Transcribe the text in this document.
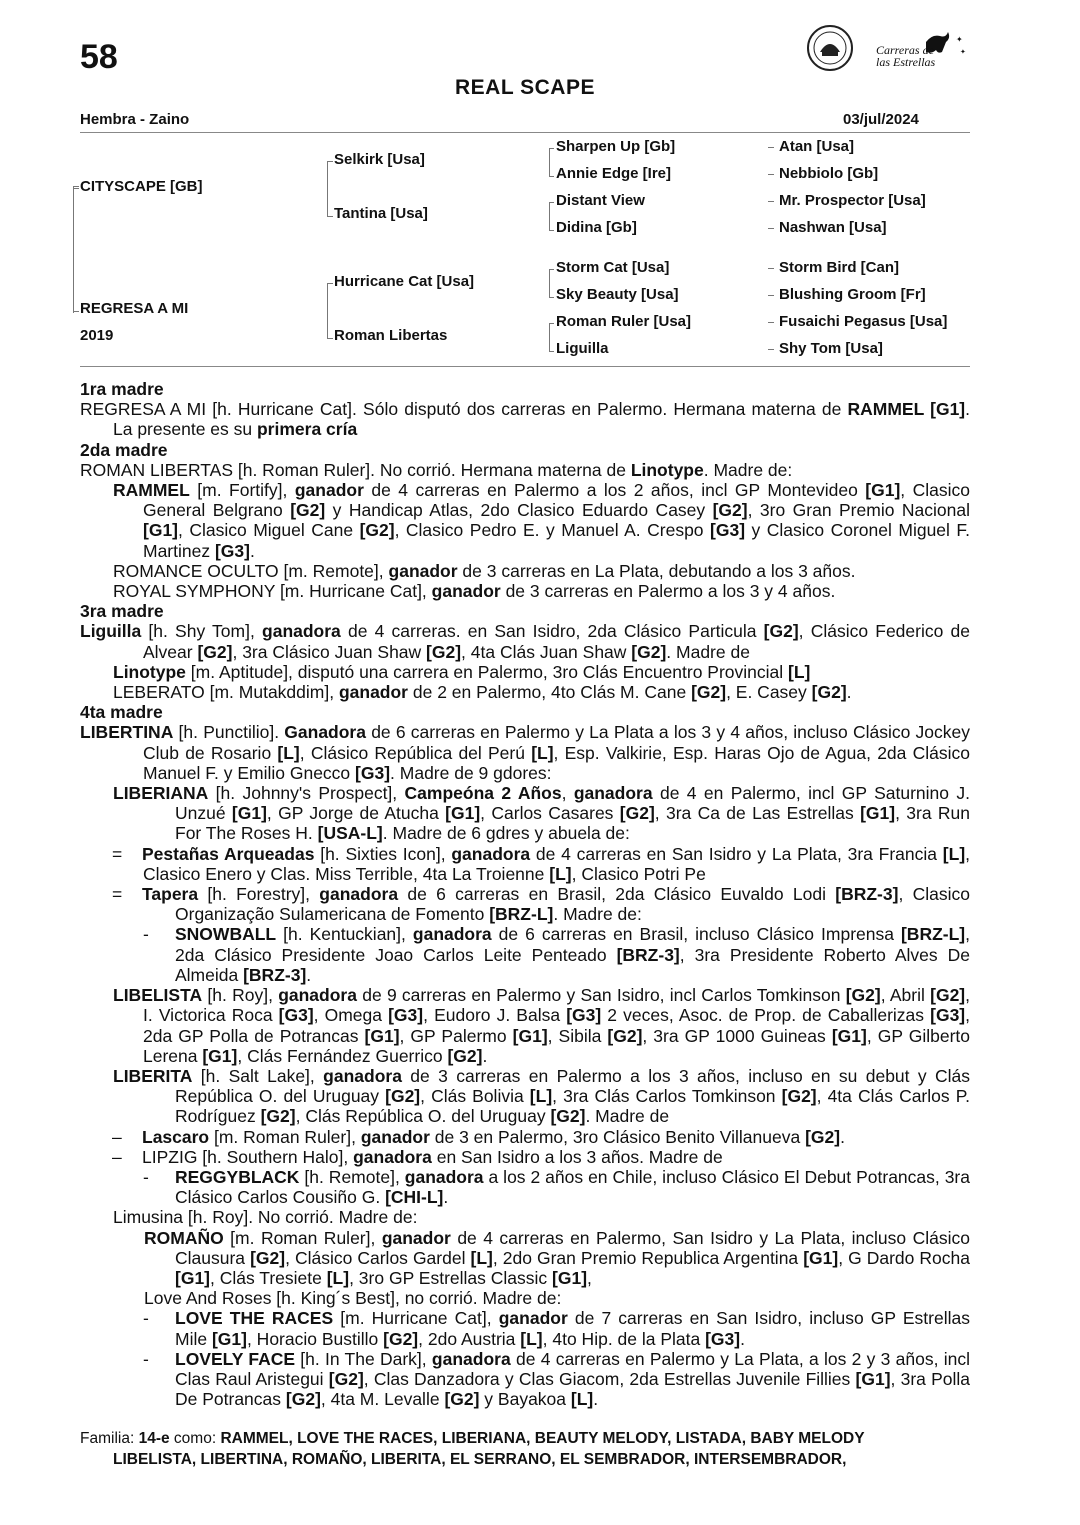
58	✦
✦
Carreras de las Estrellas
REAL SCAPE
Hembra - Zaino	03/jul/2024
CITYSCAPE [GB]
REGRESA A MI
2019
Selkirk [Usa]
Tantina [Usa]
Hurricane Cat [Usa]
Roman Libertas
Sharpen Up [Gb]
Annie Edge [Ire]
Distant View
Didina [Gb]
Storm Cat [Usa]
Sky Beauty [Usa]
Roman Ruler [Usa]
Liguilla
Atan [Usa]
Nebbiolo [Gb]
Mr. Prospector [Usa]
Nashwan [Usa]
Storm Bird [Can]
Blushing Groom [Fr]
Fusaichi Pegasus [Usa]
Shy Tom [Usa]

1ra madre

REGRESA A MI [h. Hurricane Cat]. Sólo disputó dos carreras en Palermo. Hermana materna de RAMMEL [G1]. La presente es su primera cría

2da madre

ROMAN LIBERTAS [h. Roman Ruler]. No corrió. Hermana materna de Linotype. Madre de:

RAMMEL [m. Fortify], ganador de 4 carreras en Palermo a los 2 años, incl GP Montevideo [G1], Clasico General Belgrano [G2] y Handicap Atlas, 2do Clasico Eduardo Casey [G2], 3ro Gran Premio Nacional [G1], Clasico Miguel Cane [G2], Clasico Pedro E. y Manuel A. Crespo [G3] y Clasico Coronel Miguel F. Martinez [G3].

ROMANCE OCULTO [m. Remote], ganador de 3 carreras en La Plata, debutando a los 3 años.

ROYAL SYMPHONY [m. Hurricane Cat], ganador de 3 carreras en Palermo a los 3 y 4 años.

3ra madre

Liguilla [h. Shy Tom], ganadora de 4 carreras. en San Isidro, 2da Clásico Particula [G2], Clásico Federico de Alvear [G2], 3ra Clásico Juan Shaw [G2], 4ta Clás Juan Shaw [G2]. Madre de

Linotype [m. Aptitude], disputó una carrera en Palermo, 3ro Clás Encuentro Provincial [L]

LEBERATO [m. Mutakddim], ganador de 2 en Palermo, 4to Clás M. Cane [G2], E. Casey [G2].

4ta madre

LIBERTINA [h. Punctilio]. Ganadora de 6 carreras en Palermo y La Plata a los 3 y 4 años, incluso Clásico Jockey Club de Rosario [L], Clásico República del Perú [L], Esp. Valkirie, Esp. Haras Ojo de Agua, 2da Clásico Manuel F. y Emilio Gnecco [G3]. Madre de 9 gdores:

LIBERIANA [h. Johnny's Prospect], Campeóna 2 Años, ganadora de 4 en Palermo, incl GP Saturnino J. Unzué [G1], GP Jorge de Atucha [G1], Carlos Casares [G2], 3ra Ca de Las Estrellas [G1], 3ra Run For The Roses H. [USA-L]. Madre de 6 gdres y abuela de:

= Pestañas Arqueadas [h. Sixties Icon], ganadora de 4 carreras en San Isidro y La Plata, 3ra Francia [L], Clasico Enero y Clas. Miss Terrible, 4ta La Troienne [L], Clasico Potri Pe

= Tapera [h. Forestry], ganadora de 6 carreras en Brasil, 2da Clásico Euvaldo Lodi [BRZ-3], Clasico Organização Sulamericana de Fomento [BRZ-L]. Madre de:

- SNOWBALL [h. Kentuckian], ganadora de 6 carreras en Brasil, incluso Clásico Imprensa [BRZ-L], 2da Clásico Presidente Joao Carlos Leite Penteado [BRZ-3], 3ra Presidente Roberto Alves De Almeida [BRZ-3].

LIBELISTA [h. Roy], ganadora de 9 carreras en Palermo y San Isidro, incl Carlos Tomkinson [G2], Abril [G2], I. Victorica Roca [G3], Omega [G3], Eudoro J. Balsa [G3] 2 veces, Asoc. de Prop. de Caballerizas [G3], 2da GP Polla de Potrancas [G1], GP Palermo [G1], Sibila [G2], 3ra GP 1000 Guineas [G1], GP Gilberto Lerena [G1], Clás Fernández Guerrico [G2].

LIBERITA [h. Salt Lake], ganadora de 3 carreras en Palermo a los 3 años, incluso en su debut y Clás República O. del Uruguay [G2], Clás Bolivia [L], 3ra Clás Carlos Tomkinson [G2], 4ta Clás Carlos P. Rodríguez [G2], Clás República O. del Uruguay [G2]. Madre de

– Lascaro [m. Roman Ruler], ganador de 3 en Palermo, 3ro Clásico Benito Villanueva [G2].

– LIPZIG [h. Southern Halo], ganadora en San Isidro a los 3 años. Madre de

- REGGYBLACK [h. Remote], ganadora a los 2 años en Chile, incluso Clásico El Debut Potrancas, 3ra Clásico Carlos Cousiño G. [CHI-L].

Limusina [h. Roy]. No corrió. Madre de:

ROMAÑO [m. Roman Ruler], ganador de 4 carreras en Palermo, San Isidro y La Plata, incluso Clásico Clausura [G2], Clásico Carlos Gardel [L], 2do Gran Premio Republica Argentina [G1], G Dardo Rocha [G1], Clás Tresiete [L], 3ro GP Estrellas Classic [G1],

Love And Roses [h. King´s Best], no corrió. Madre de:

- LOVE THE RACES [m. Hurricane Cat], ganador de 7 carreras en San Isidro, incluso GP Estrellas Mile [G1], Horacio Bustillo [G2], 2do Austria [L], 4to Hip. de la Plata [G3].

- LOVELY FACE [h. In The Dark], ganadora de 4 carreras en Palermo y La Plata, a los 2 y 3 años, incl Clas Raul Aristegui [G2], Clas Danzadora y Clas Giacom, 2da Estrellas Juvenile Fillies [G1], 3ra Polla De Potrancas [G2], 4ta M. Levalle [G2] y Bayakoa [L].

Familia: 14-e como: RAMMEL, LOVE THE RACES, LIBERIANA, BEAUTY MELODY, LISTADA, BABY MELODY
LIBELISTA, LIBERTINA, ROMAÑO, LIBERITA, EL SERRANO, EL SEMBRADOR, INTERSEMBRADOR,
